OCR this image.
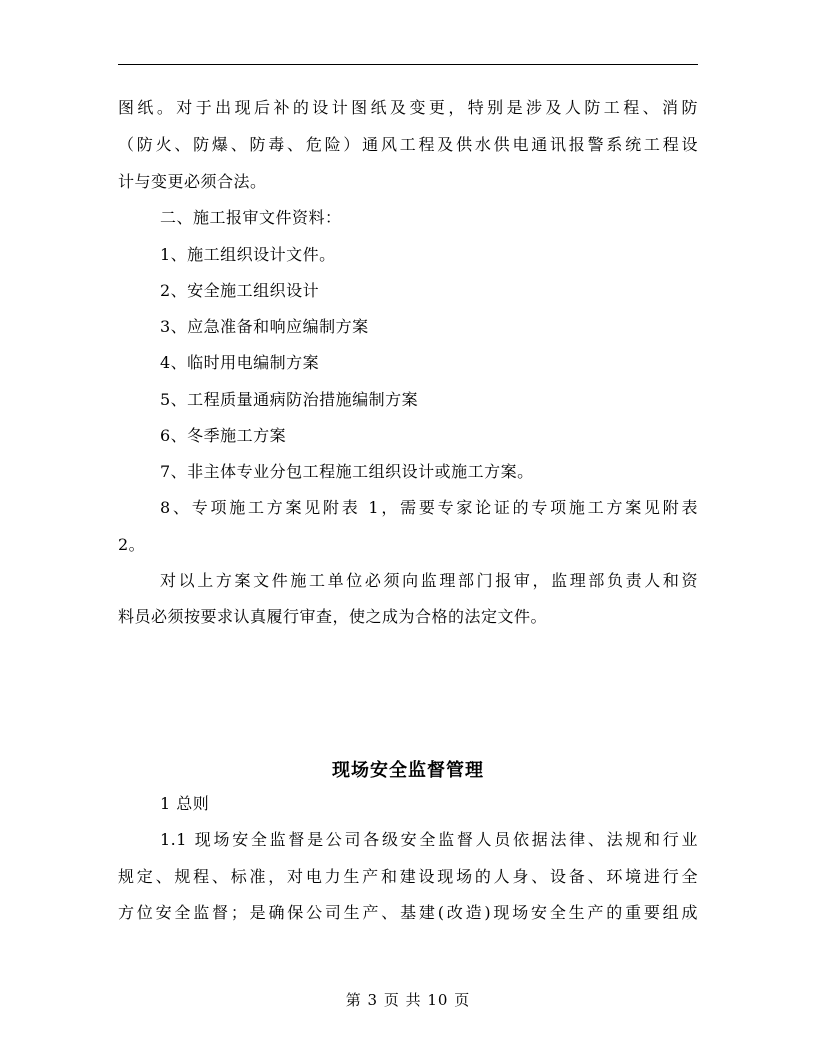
图纸。对于出现后补的设计图纸及变更，特别是涉及人防工程、消防
（防火、防爆、防毒、危险）通风工程及供水供电通讯报警系统工程设
计与变更必须合法。
二、施工报审文件资料：
1、施工组织设计文件。
2、安全施工组织设计
3、应急准备和响应编制方案
4、临时用电编制方案
5、工程质量通病防治措施编制方案
6、冬季施工方案
7、非主体专业分包工程施工组织设计或施工方案。
8、专项施工方案见附表 1，需要专家论证的专项施工方案见附表
2。
对以上方案文件施工单位必须向监理部门报审，监理部负责人和资
料员必须按要求认真履行审查，使之成为合格的法定文件。
现场安全监督管理
1 总则
1.1 现场安全监督是公司各级安全监督人员依据法律、法规和行业
规定、规程、标准，对电力生产和建设现场的人身、设备、环境进行全
方位安全监督；是确保公司生产、基建(改造)现场安全生产的重要组成
第 3 页 共 10 页
